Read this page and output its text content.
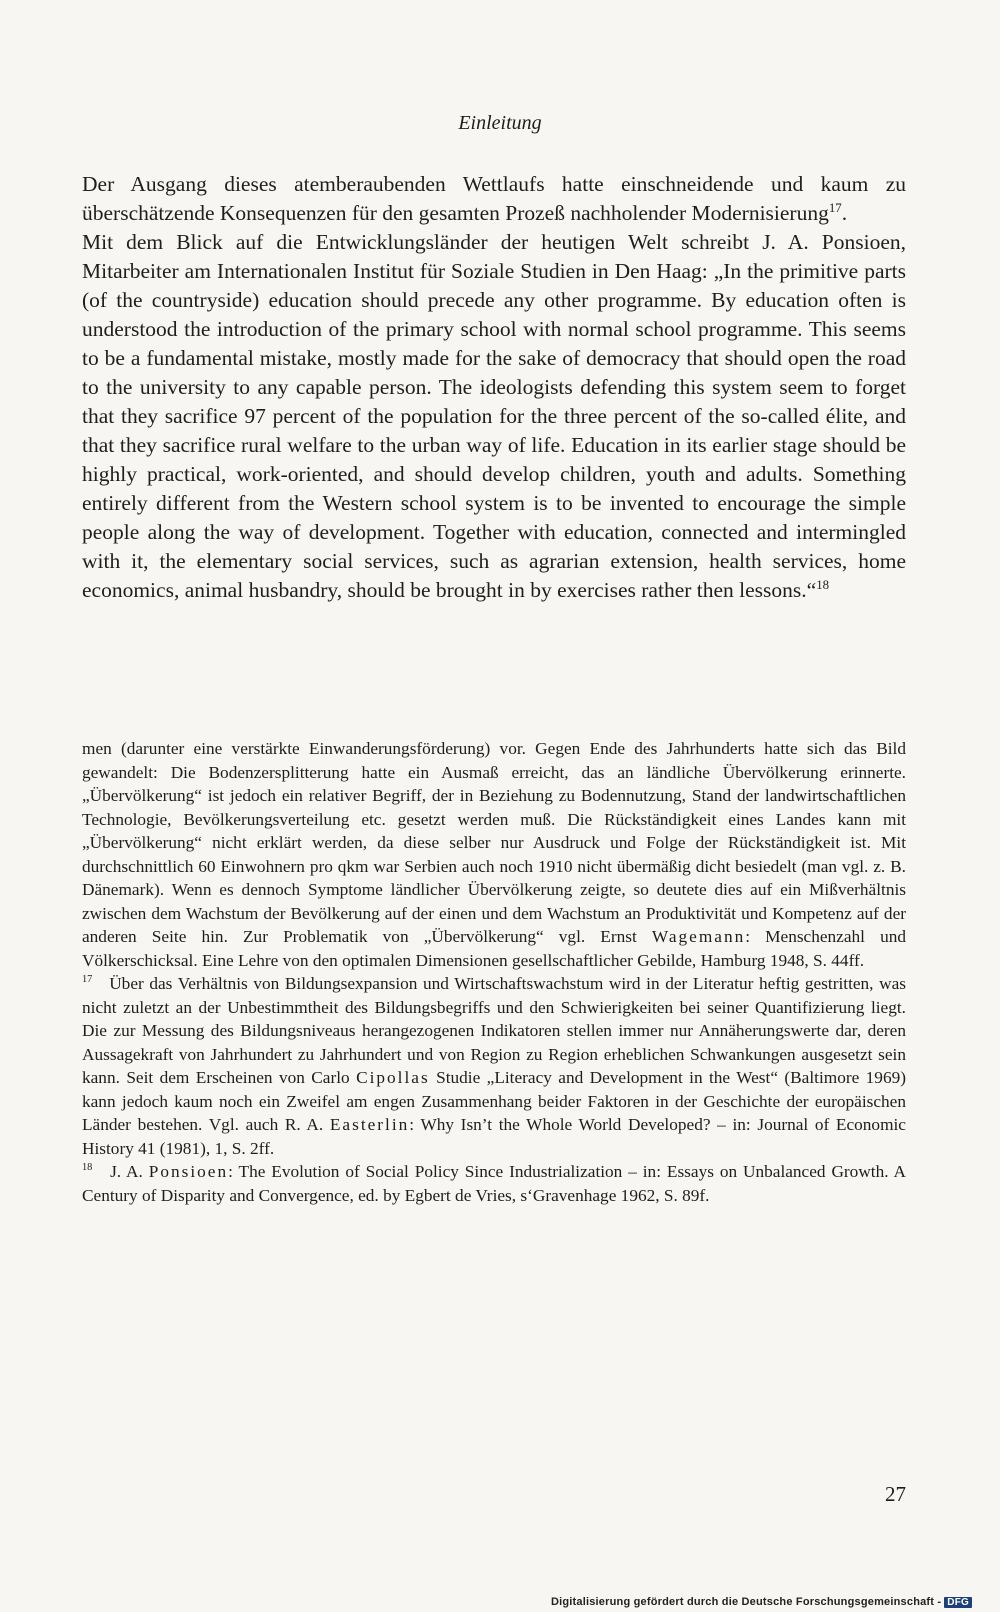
Einleitung

Der Ausgang dieses atemberaubenden Wettlaufs hatte einschneidende und kaum zu überschätzende Konsequenzen für den gesamten Prozeß nachholender Modernisierung$^{17}$.

Mit dem Blick auf die Entwicklungsländer der heutigen Welt schreibt J. A. Ponsioen, Mitarbeiter am Internationalen Institut für Soziale Studien in Den Haag: „In the primitive parts (of the countryside) education should precede any other programme. By education often is understood the introduction of the primary school with normal school programme. This seems to be a fundamental mistake, mostly made for the sake of democracy that should open the road to the university to any capable person. The ideologists defending this system seem to forget that they sacrifice 97 percent of the population for the three percent of the so-called élite, and that they sacrifice rural welfare to the urban way of life. Education in its earlier stage should be highly practical, work-oriented, and should develop children, youth and adults. Something entirely different from the Western school system is to be invented to encourage the simple people along the way of development. Together with education, connected and intermingled with it, the elementary social services, such as agrarian extension, health services, home economics, animal husbandry, should be brought in by exercises rather then lessons.“$^{18}$

men (darunter eine verstärkte Einwanderungsförderung) vor. Gegen Ende des Jahrhunderts hatte sich das Bild gewandelt: Die Bodenzersplitterung hatte ein Ausmaß erreicht, das an ländliche Übervölkerung erinnerte. „Übervölkerung“ ist jedoch ein relativer Begriff, der in Beziehung zu Bodennutzung, Stand der landwirtschaftlichen Technologie, Bevölkerungsverteilung etc. gesetzt werden muß. Die Rückständigkeit eines Landes kann mit „Übervölkerung“ nicht erklärt werden, da diese selber nur Ausdruck und Folge der Rückständigkeit ist. Mit durchschnittlich 60 Einwohnern pro qkm war Serbien auch noch 1910 nicht übermäßig dicht besiedelt (man vgl. z. B. Dänemark). Wenn es dennoch Symptome ländlicher Übervölkerung zeigte, so deutete dies auf ein Mißverhältnis zwischen dem Wachstum der Bevölkerung auf der einen und dem Wachstum an Produktivität und Kompetenz auf der anderen Seite hin. Zur Problematik von „Übervölkerung“ vgl. Ernst Wagemann: Menschenzahl und Völkerschicksal. Eine Lehre von den optimalen Dimensionen gesellschaftlicher Gebilde, Hamburg 1948, S. 44ff.

$^{17}$ Über das Verhältnis von Bildungsexpansion und Wirtschaftswachstum wird in der Literatur heftig gestritten, was nicht zuletzt an der Unbestimmtheit des Bildungsbegriffs und den Schwierigkeiten bei seiner Quantifizierung liegt. Die zur Messung des Bildungsniveaus herangezogenen Indikatoren stellen immer nur Annäherungswerte dar, deren Aussagekraft von Jahrhundert zu Jahrhundert und von Region zu Region erheblichen Schwankungen ausgesetzt sein kann. Seit dem Erscheinen von Carlo Cipollas Studie „Literacy and Development in the West“ (Baltimore 1969) kann jedoch kaum noch ein Zweifel am engen Zusammenhang beider Faktoren in der Geschichte der europäischen Länder bestehen. Vgl. auch R. A. Easterlin: Why Isn’t the Whole World Developed? – in: Journal of Economic History 41 (1981), 1, S. 2ff.

$^{18}$ J. A. Ponsioen: The Evolution of Social Policy Since Industrialization – in: Essays on Unbalanced Growth. A Century of Disparity and Convergence, ed. by Egbert de Vries, s‘Gravenhage 1962, S. 89f.

27
Digitalisierung gefördert durch die Deutsche Forschungsgemeinschaft - DFG
